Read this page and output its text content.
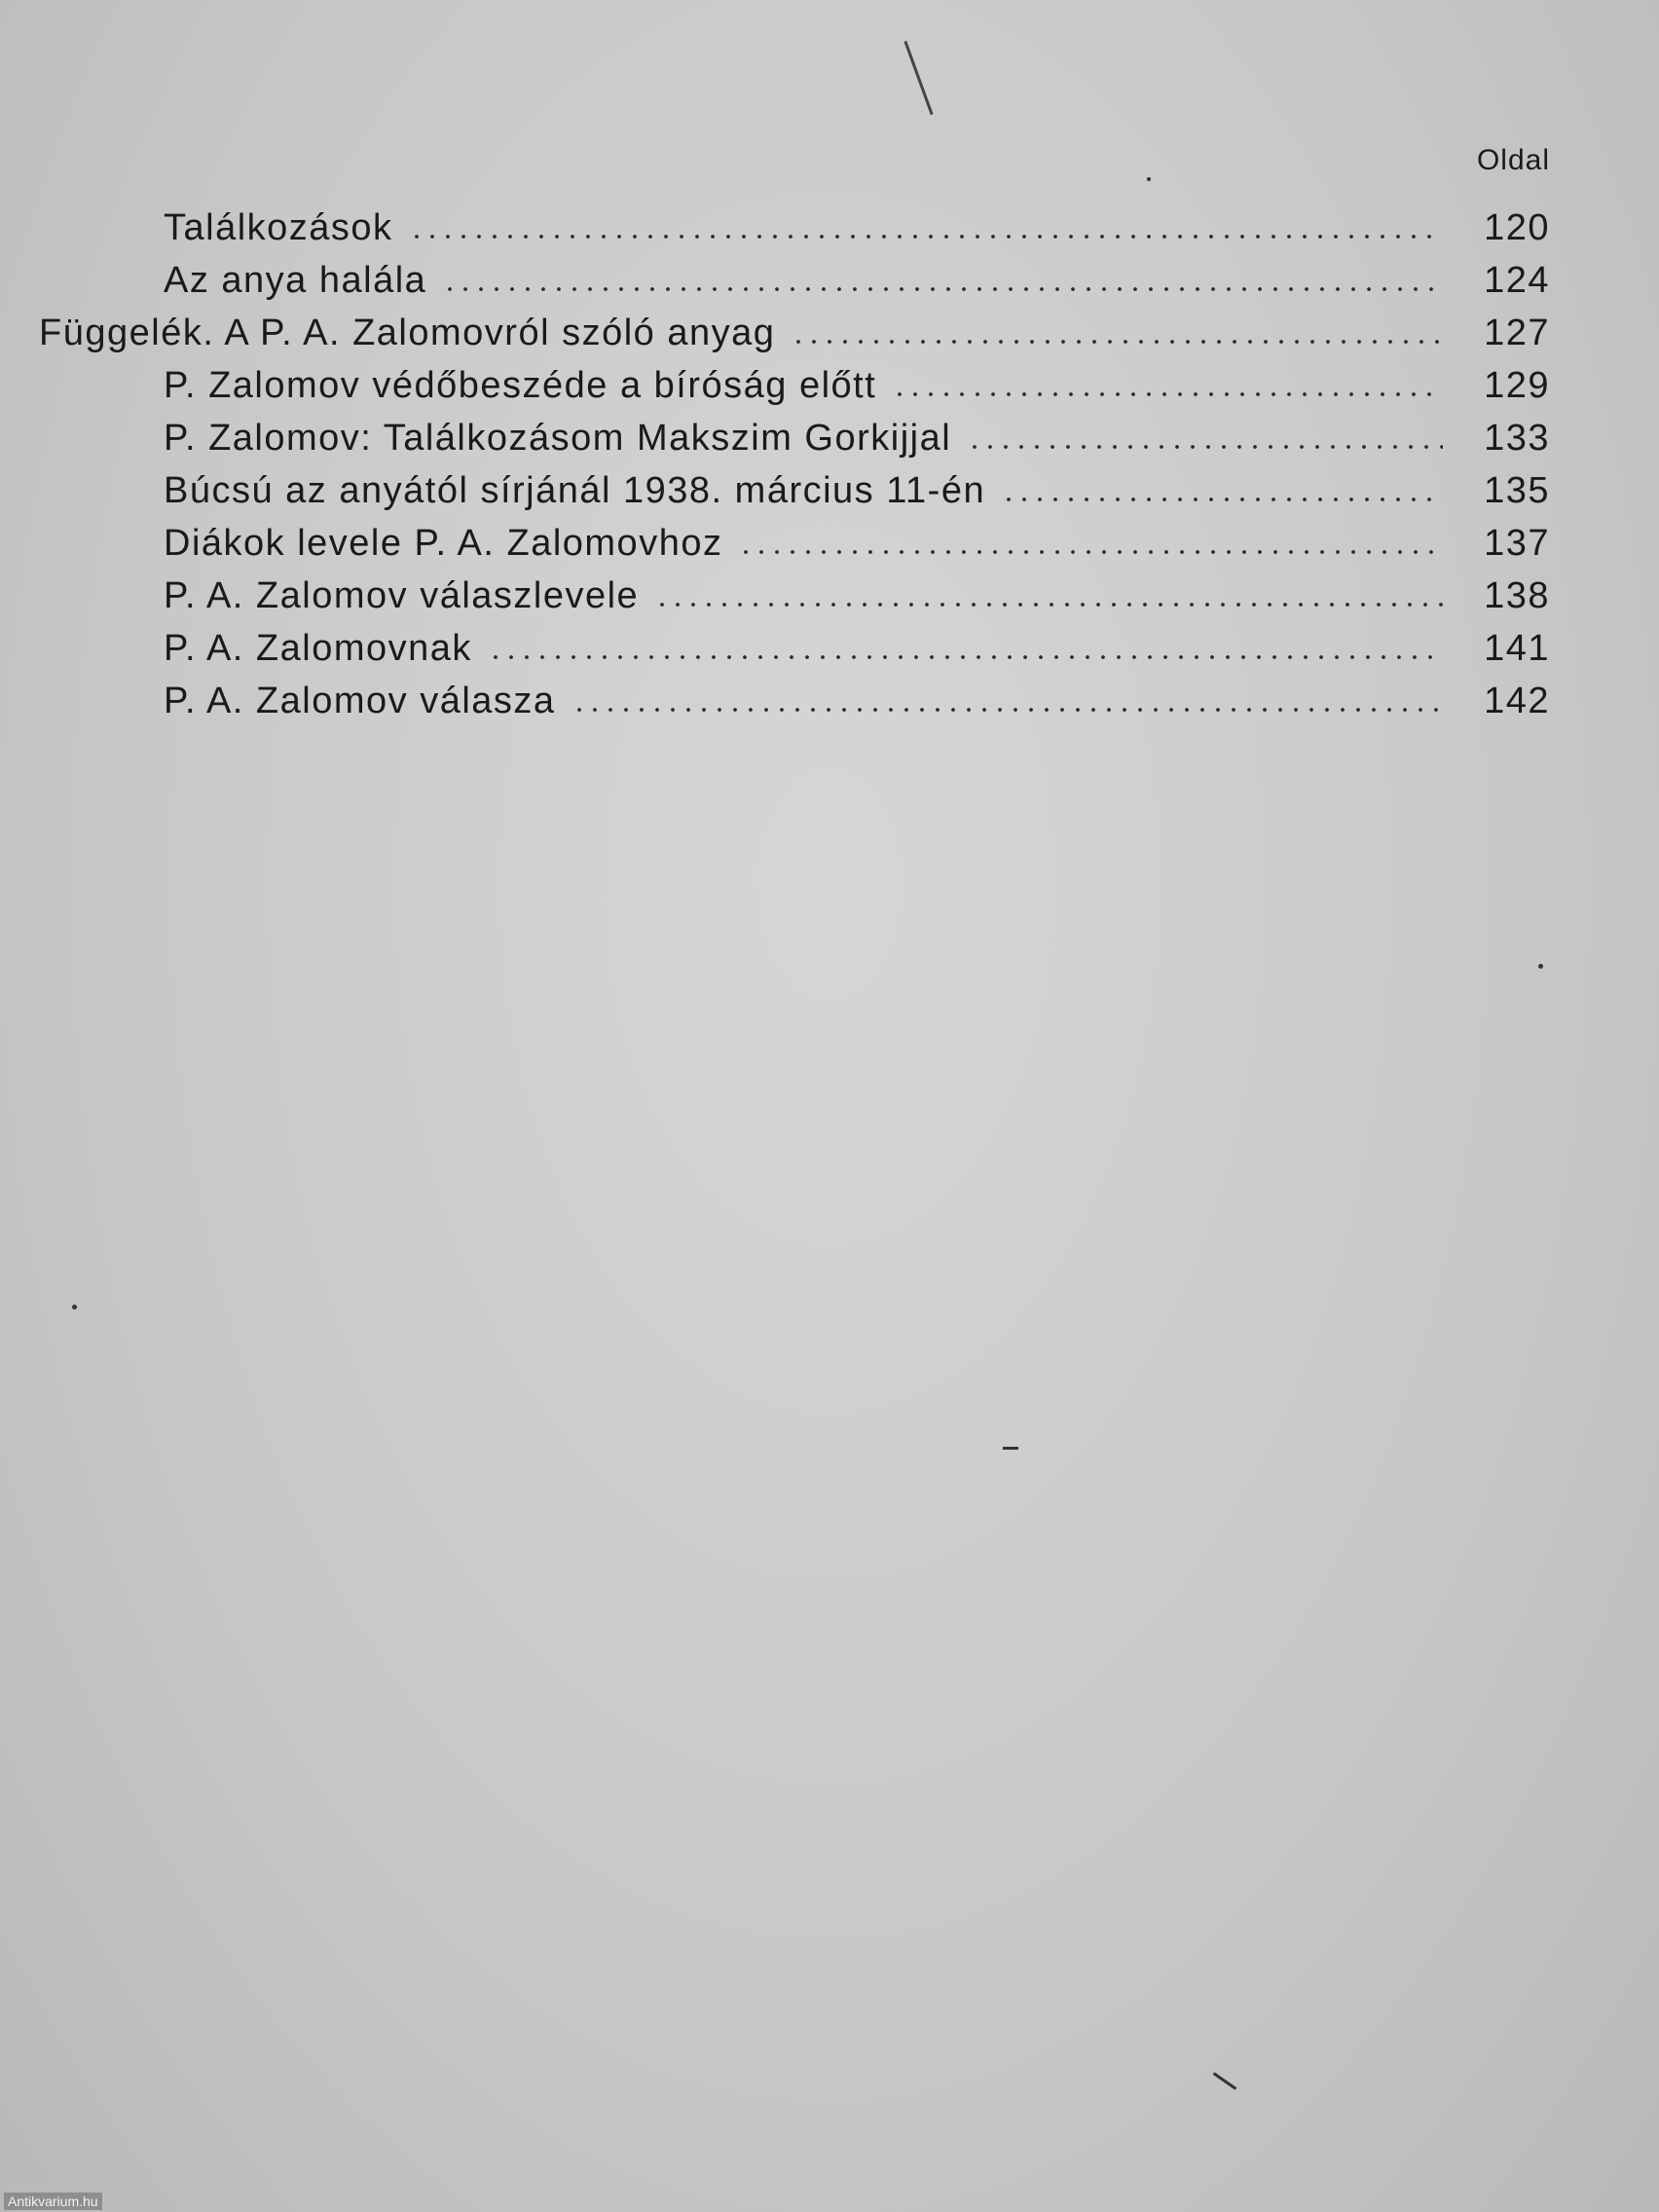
Oldal
Találkozások	120
Az anya halála	124
Függelék. A P. A. Zalomovról szóló anyag	127
P. Zalomov védőbeszéde a bíróság előtt	129
P. Zalomov: Találkozásom Makszim Gorkijjal	133
Búcsú az anyától sírjánál 1938. március 11-én	135
Diákok levele P. A. Zalomovhoz	137
P. A. Zalomov válaszlevele	138
P. A. Zalomovnak	141
P. A. Zalomov válasza	142
Antikvarium.hu
